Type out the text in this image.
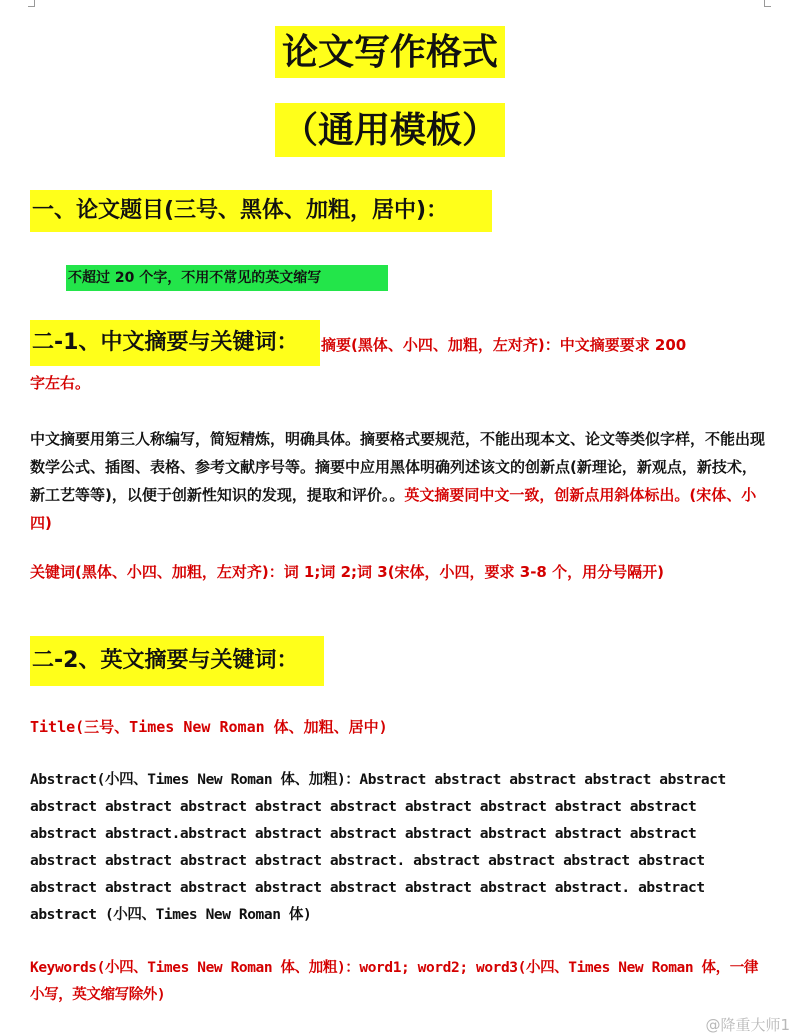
论文写作格式
（通用模板）
一、论文题目(三号、黑体、加粗，居中)：
不超过 20 个字，不用不常见的英文缩写
二-1、中文摘要与关键词：	摘要(黑体、小四、加粗，左对齐)：中文摘要要求 200
字左右。
中文摘要用第三人称编写，简短精炼，明确具体。摘要格式要规范，不能出现本文、论文等类似字样，不能出现数学公式、插图、表格、参考文献序号等。摘要中应用黑体明确列述该文的创新点(新理论，新观点，新技术，新工艺等等)，以便于创新性知识的发现，提取和评价。。英文摘要同中文一致，创新点用斜体标出。(宋体、小四)
关键词(黑体、小四、加粗，左对齐)：词 1;词 2;词 3(宋体，小四，要求 3-8 个，用分号隔开)
二-2、英文摘要与关键词：
Title(三号、Times New Roman 体、加粗、居中)
Abstract(小四、Times New Roman 体、加粗)：Abstract abstract abstract abstract abstract abstract abstract abstract abstract abstract abstract abstract abstract abstract abstract abstract.abstract abstract abstract abstract abstract abstract abstract abstract abstract abstract abstract abstract. abstract abstract abstract abstract abstract abstract abstract abstract abstract abstract abstract abstract. abstract abstract (小四、Times New Roman 体)
Keywords(小四、Times New Roman 体、加粗)：word1; word2; word3(小四、Times New Roman 体，一律小写，英文缩写除外)
@降重大师1
